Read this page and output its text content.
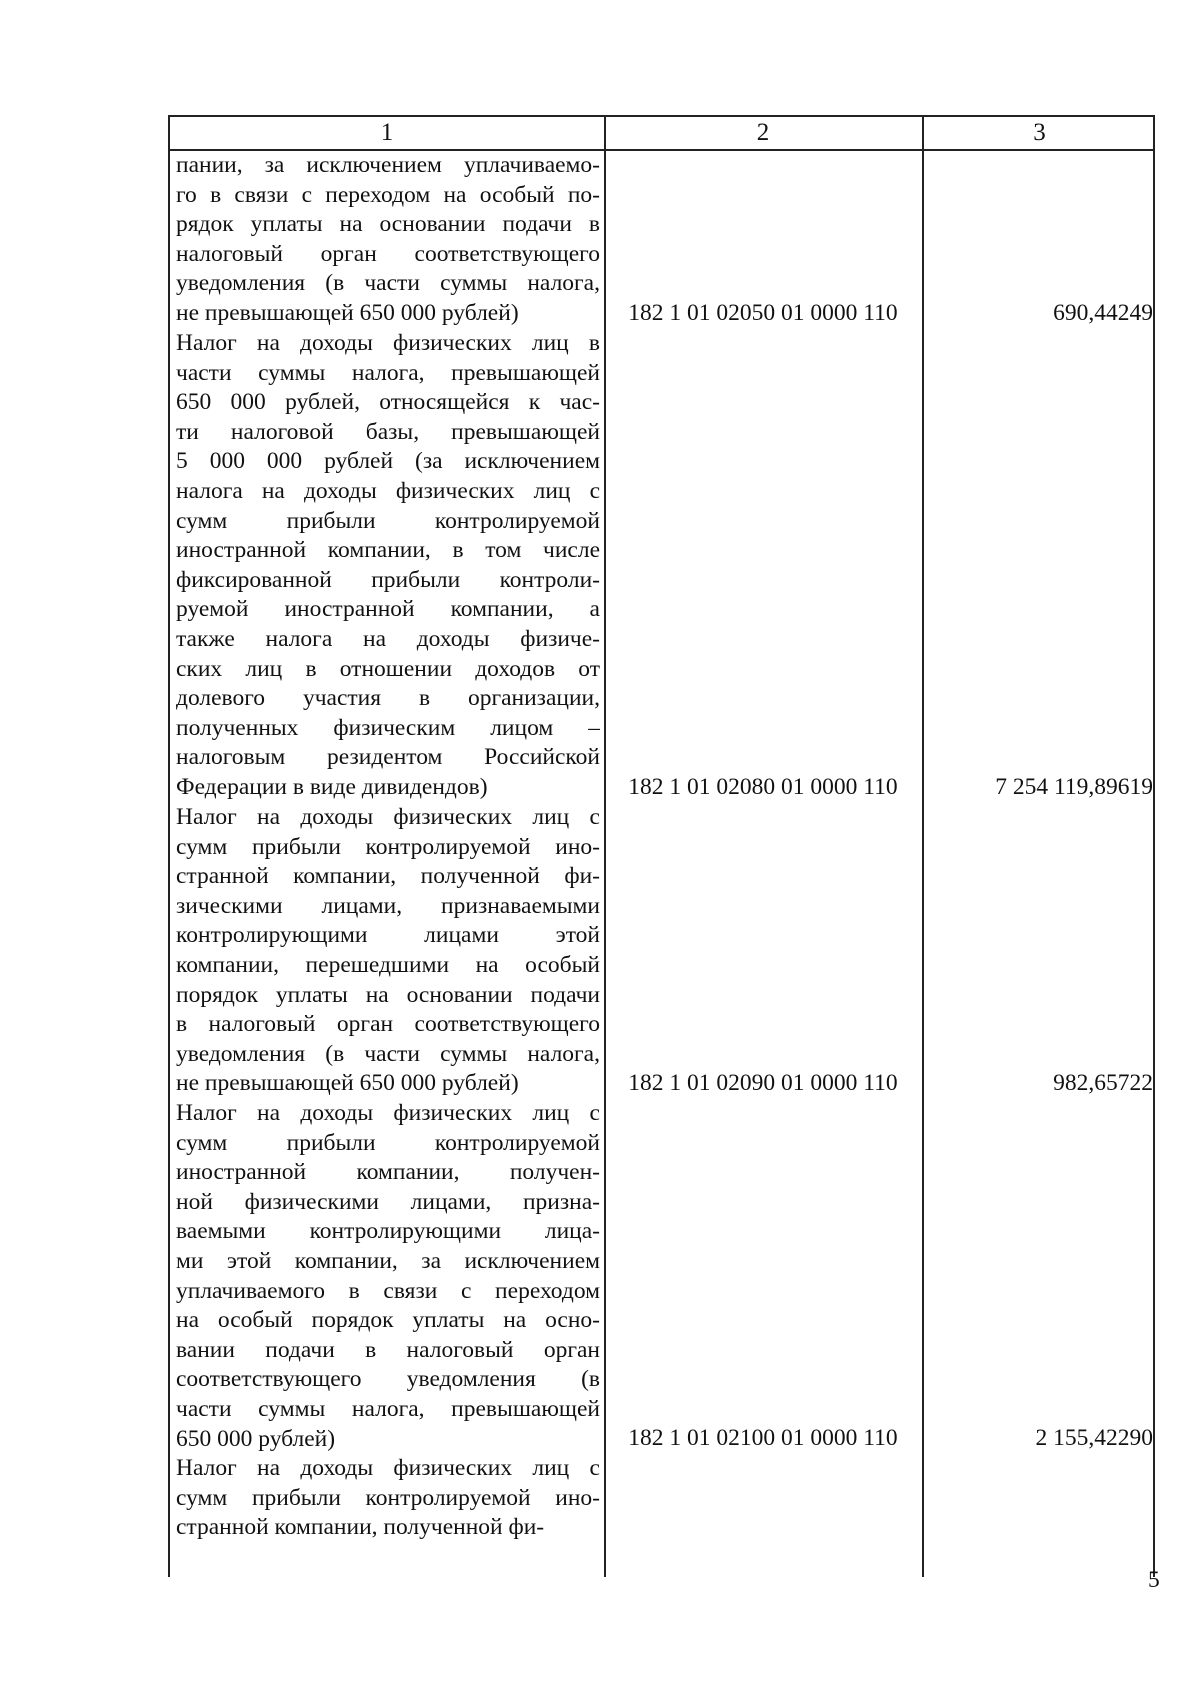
1	2	3
пании, за исключением уплачиваемо-
го в связи с переходом на особый по-
рядок уплаты на основании подачи в
налоговый орган соответствующего
уведомления (в части суммы налога,
не превышающей 650 000 рублей)	182 1 01 02050 01 0000 110	690,44249
Налог на доходы физических лиц в
части суммы налога, превышающей
650 000 рублей, относящейся к час-
ти налоговой базы, превышающей
5 000 000 рублей (за исключением
налога на доходы физических лиц с
сумм прибыли контролируемой
иностранной компании, в том числе
фиксированной прибыли контроли-
руемой иностранной компании, а
также налога на доходы физиче-
ских лиц в отношении доходов от
долевого участия в организации,
полученных физическим лицом –
налоговым резидентом Российской
Федерации в виде дивидендов)	182 1 01 02080 01 0000 110	7 254 119,89619
Налог на доходы физических лиц с
сумм прибыли контролируемой ино-
странной компании, полученной фи-
зическими лицами, признаваемыми
контролирующими лицами этой
компании, перешедшими на особый
порядок уплаты на основании подачи
в налоговый орган соответствующего
уведомления (в части суммы налога,
не превышающей 650 000 рублей)	182 1 01 02090 01 0000 110	982,65722
Налог на доходы физических лиц с
сумм прибыли контролируемой
иностранной компании, получен-
ной физическими лицами, призна-
ваемыми контролирующими лица-
ми этой компании, за исключением
уплачиваемого в связи с переходом
на особый порядок уплаты на осно-
вании подачи в налоговый орган
соответствующего уведомления (в
части суммы налога, превышающей
650 000 рублей)	182 1 01 02100 01 0000 110	2 155,42290
Налог на доходы физических лиц с
сумм прибыли контролируемой ино-
странной компании, полученной фи-
5
